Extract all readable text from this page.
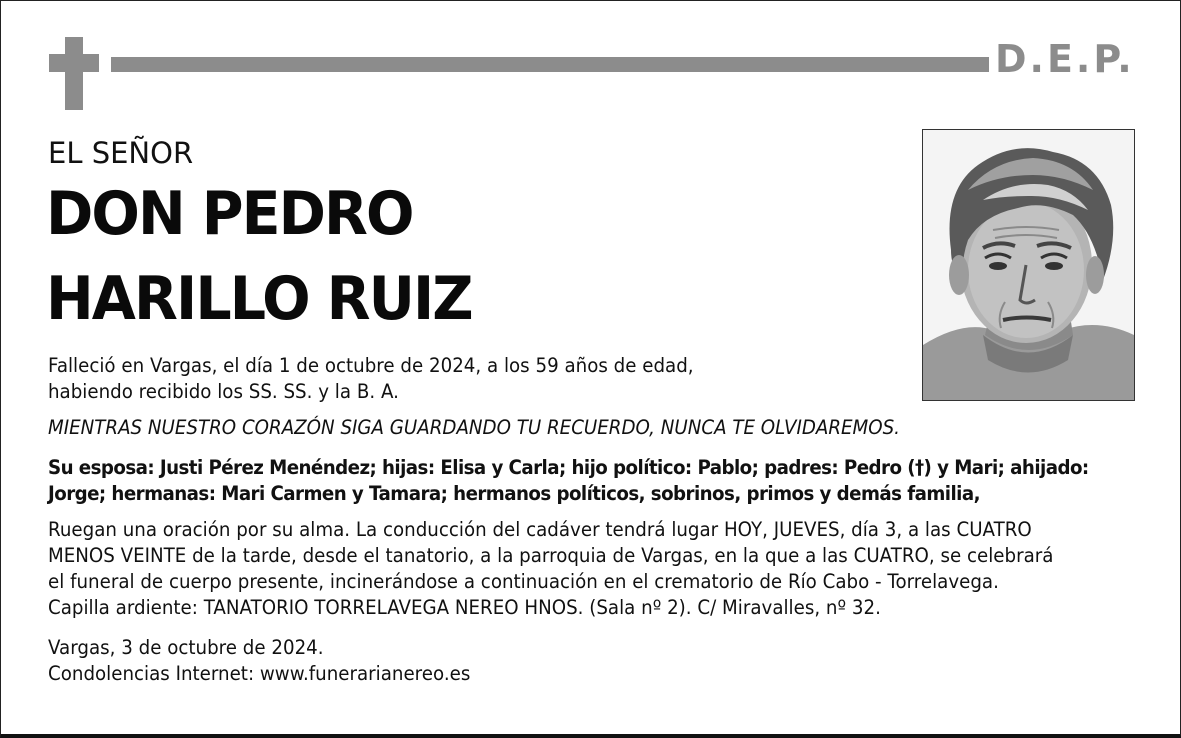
D.E.P.
EL SEÑOR
DON PEDRO
HARILLO RUIZ
Falleció en Vargas, el día 1 de octubre de 2024, a los 59 años de edad,
habiendo recibido los SS. SS. y la B. A.
MIENTRAS NUESTRO CORAZÓN SIGA GUARDANDO TU RECUERDO, NUNCA TE OLVIDAREMOS.
Su esposa: Justi Pérez Menéndez; hijas: Elisa y Carla; hijo político: Pablo; padres: Pedro (†) y Mari; ahijado:
Jorge; hermanas: Mari Carmen y Tamara; hermanos políticos, sobrinos, primos y demás familia,
Ruegan una oración por su alma. La conducción del cadáver tendrá lugar HOY, JUEVES, día 3, a las CUATRO
MENOS VEINTE de la tarde, desde el tanatorio, a la parroquia de Vargas, en la que a las CUATRO, se celebrará
el funeral de cuerpo presente, incinerándose a continuación en el crematorio de Río Cabo - Torrelavega.
Capilla ardiente: TANATORIO TORRELAVEGA NEREO HNOS. (Sala nº 2). C/ Miravalles, nº 32.
Vargas, 3 de octubre de 2024.
Condolencias Internet: www.funerarianereo.es
